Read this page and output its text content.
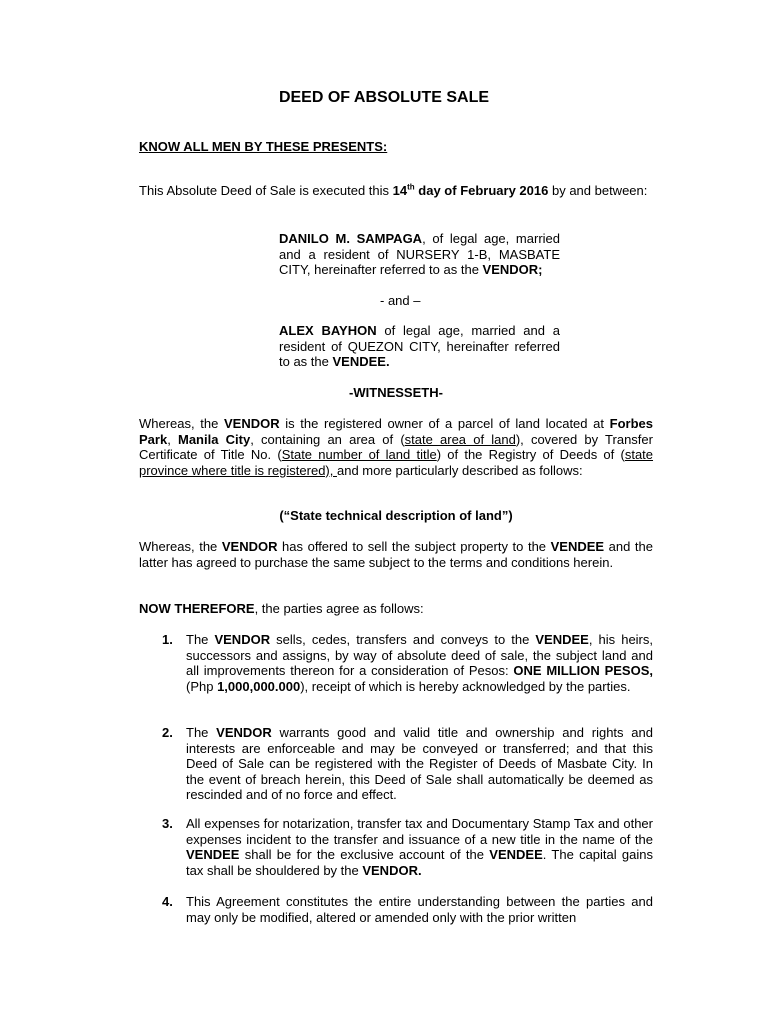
DEED OF ABSOLUTE SALE
KNOW ALL MEN BY THESE PRESENTS:

This Absolute Deed of Sale is executed this 14th day of February 2016 by and between:

DANILO M. SAMPAGA, of legal age, married and a resident of NURSERY 1-B, MASBATE CITY, hereinafter referred to as the VENDOR;

- and –

ALEX BAYHON of legal age, married and a resident of QUEZON CITY, hereinafter referred to as the VENDEE.

-WITNESSETH-

Whereas, the VENDOR is the registered owner of a parcel of land located at Forbes Park, Manila City, containing an area of (state area of land), covered by Transfer Certificate of Title No. (State number of land title) of the Registry of Deeds of (state province where title is registered), and more particularly described as follows:

(“State technical description of land”)

Whereas, the VENDOR has offered to sell the subject property to the VENDEE and the latter has agreed to purchase the same subject to the terms and conditions herein.

NOW THEREFORE, the parties agree as follows:

1. The VENDOR sells, cedes, transfers and conveys to the VENDEE, his heirs, successors and assigns, by way of absolute deed of sale, the subject land and all improvements thereon for a consideration of Pesos: ONE MILLION PESOS, (Php 1,000,000.000), receipt of which is hereby acknowledged by the parties.

2. The VENDOR warrants good and valid title and ownership and rights and interests are enforceable and may be conveyed or transferred; and that this Deed of Sale can be registered with the Register of Deeds of Masbate City. In the event of breach herein, this Deed of Sale shall automatically be deemed as rescinded and of no force and effect.

3. All expenses for notarization, transfer tax and Documentary Stamp Tax and other expenses incident to the transfer and issuance of a new title in the name of the VENDEE shall be for the exclusive account of the VENDEE. The capital gains tax shall be shouldered by the VENDOR.

4. This Agreement constitutes the entire understanding between the parties and may only be modified, altered or amended only with the prior written
